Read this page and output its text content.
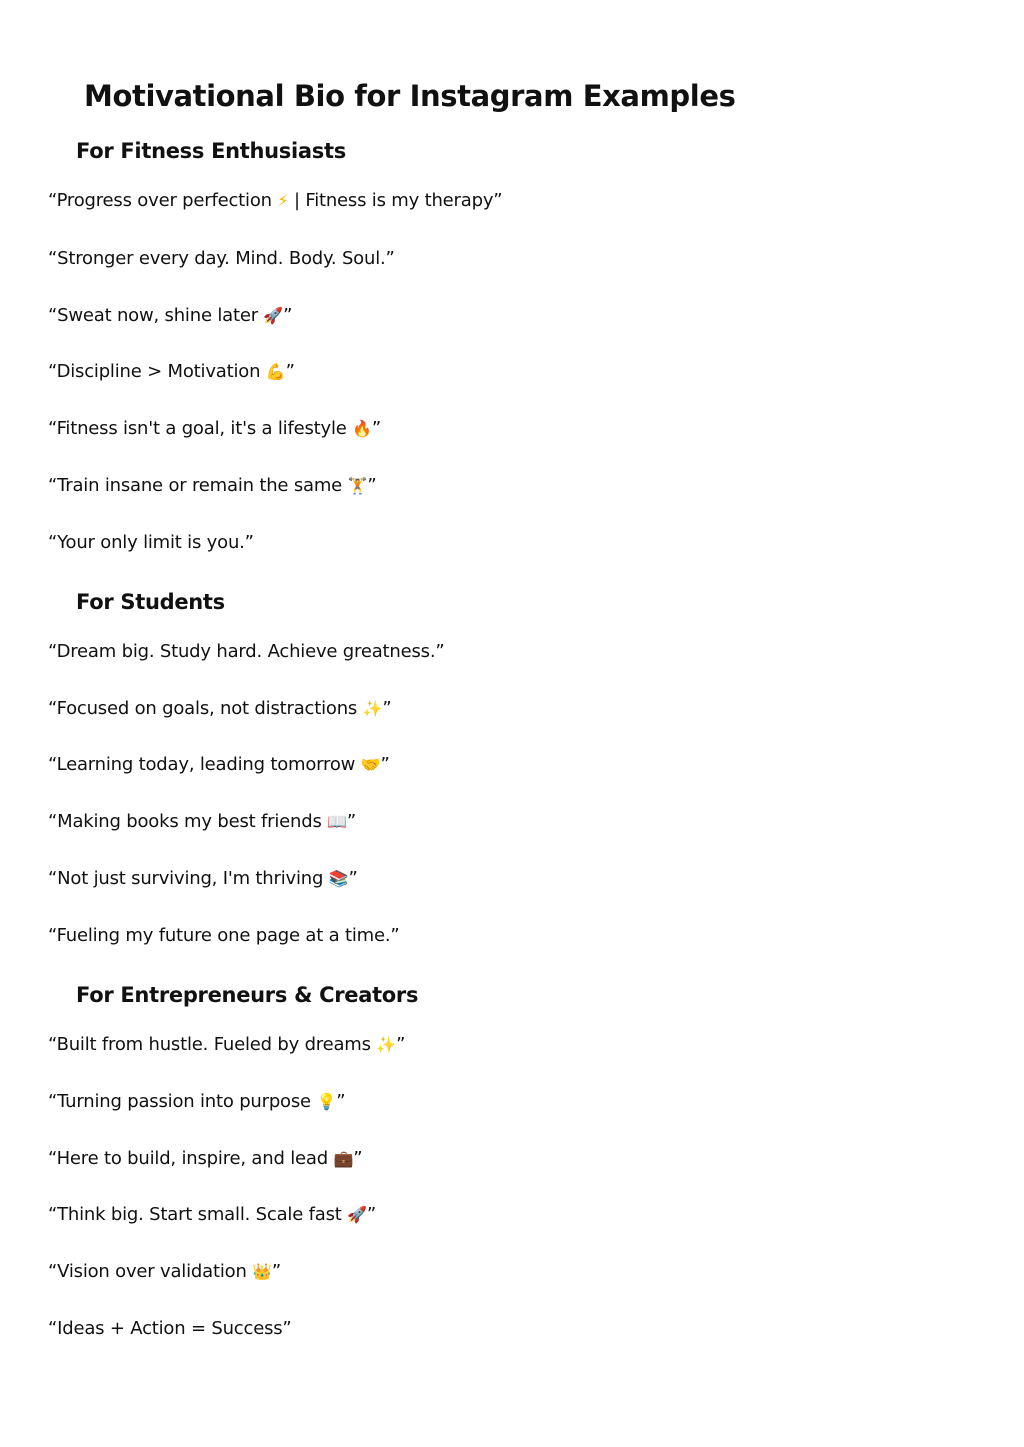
Motivational Bio for Instagram Examples
For Fitness Enthusiasts

“Progress over perfection ⚡ | Fitness is my therapy”

“Stronger every day. Mind. Body. Soul.”

“Sweat now, shine later 🚀”

“Discipline > Motivation 💪”

“Fitness isn't a goal, it's a lifestyle 🔥”

“Train insane or remain the same 🏋”

“Your only limit is you.”

For Students

“Dream big. Study hard. Achieve greatness.”

“Focused on goals, not distractions ✨”

“Learning today, leading tomorrow 🤝”

“Making books my best friends 📖”

“Not just surviving, I'm thriving 📚”

“Fueling my future one page at a time.”

For Entrepreneurs & Creators

“Built from hustle. Fueled by dreams ✨”

“Turning passion into purpose 💡”

“Here to build, inspire, and lead 💼”

“Think big. Start small. Scale fast 🚀”

“Vision over validation 👑”

“Ideas + Action = Success”
